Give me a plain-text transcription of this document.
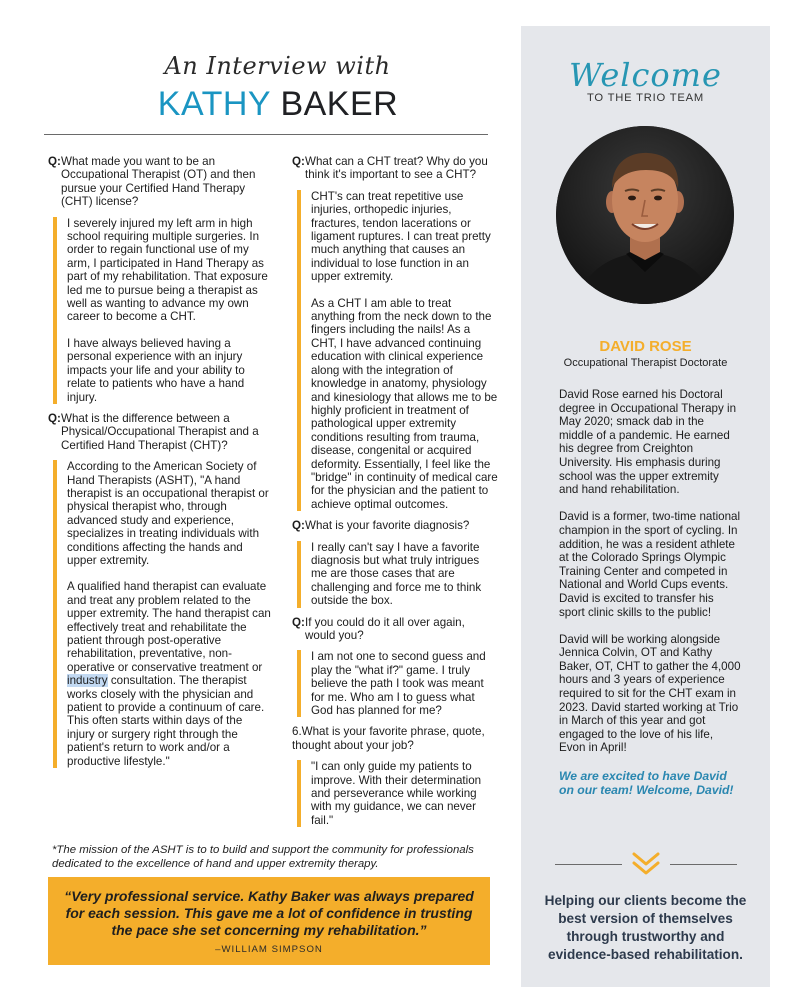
An Interview with
KATHY BAKER
Q: What made you want to be an Occupational Therapist (OT) and then pursue your Certified Hand Therapy (CHT) license?

I severely injured my left arm in high school requiring multiple surgeries. In order to regain functional use of my arm, I participated in Hand Therapy as part of my rehabilitation. That exposure led me to pursue being a therapist as well as wanting to advance my own career to become a CHT.

I have always believed having a personal experience with an injury impacts your life and your ability to relate to patients who have a hand injury.

Q: What is the difference between a Physical/Occupational Therapist and a Certified Hand Therapist (CHT)?

According to the American Society of Hand Therapists (ASHT), "A hand therapist is an occupational therapist or physical therapist who, through advanced study and experience, specializes in treating individuals with conditions affecting the hands and upper extremity.

A qualified hand therapist can evaluate and treat any problem related to the upper extremity. The hand therapist can effectively treat and rehabilitate the patient through post-operative rehabilitation, preventative, non-operative or conservative treatment or industry consultation. The therapist works closely with the physician and patient to provide a continuum of care. This often starts within days of the injury or surgery right through the patient's return to work and/or a productive lifestyle."

Q: What can a CHT treat? Why do you think it's important to see a CHT?

CHT's can treat repetitive use injuries, orthopedic injuries, fractures, tendon lacerations or ligament ruptures. I can treat pretty much anything that causes an individual to lose function in an upper extremity.

As a CHT I am able to treat anything from the neck down to the fingers including the nails! As a CHT, I have advanced continuing education with clinical experience along with the integration of knowledge in anatomy, physiology and kinesiology that allows me to be highly proficient in treatment of pathological upper extremity conditions resulting from trauma, disease, congenital or acquired deformity. Essentially, I feel like the "bridge" in continuity of medical care for the physician and the patient to achieve optimal outcomes.

Q: What is your favorite diagnosis?

I really can't say I have a favorite diagnosis but what truly intrigues me are those cases that are challenging and force me to think outside the box.

Q: If you could do it all over again, would you?

I am not one to second guess and play the "what if?" game. I truly believe the path I took was meant for me. Who am I to guess what God has planned for me?

6.What is your favorite phrase, quote, thought about your job?

"I can only guide my patients to improve. With their determination and perseverance while working with my guidance, we can never fail."

*The mission of the ASHT is to to build and support the community for professionals dedicated to the excellence of hand and upper extremity therapy.
“Very professional service. Kathy Baker was always prepared for each session. This gave me a lot of confidence in trusting the pace she set concerning my rehabilitation.”
–WILLIAM SIMPSON
Welcome
TO THE TRIO TEAM
DAVID ROSE
Occupational Therapist Doctorate

David Rose earned his Doctoral degree in Occupational Therapy in May 2020; smack dab in the middle of a pandemic. He earned his degree from Creighton University. His emphasis during school was the upper extremity and hand rehabilitation.

David is a former, two-time national champion in the sport of cycling. In addition, he was a resident athlete at the Colorado Springs Olympic Training Center and competed in National and World Cups events. David is excited to transfer his sport clinic skills to the public!

David will be working alongside Jennica Colvin, OT and Kathy Baker, OT, CHT to gather the 4,000 hours and 3 years of experience required to sit for the CHT exam in 2023. David started working at Trio in March of this year and got engaged to the love of his life, Evon in April!

We are excited to have David on our team! Welcome, David!

Helping our clients become the best version of themselves through trustworthy and evidence-based rehabilitation.
